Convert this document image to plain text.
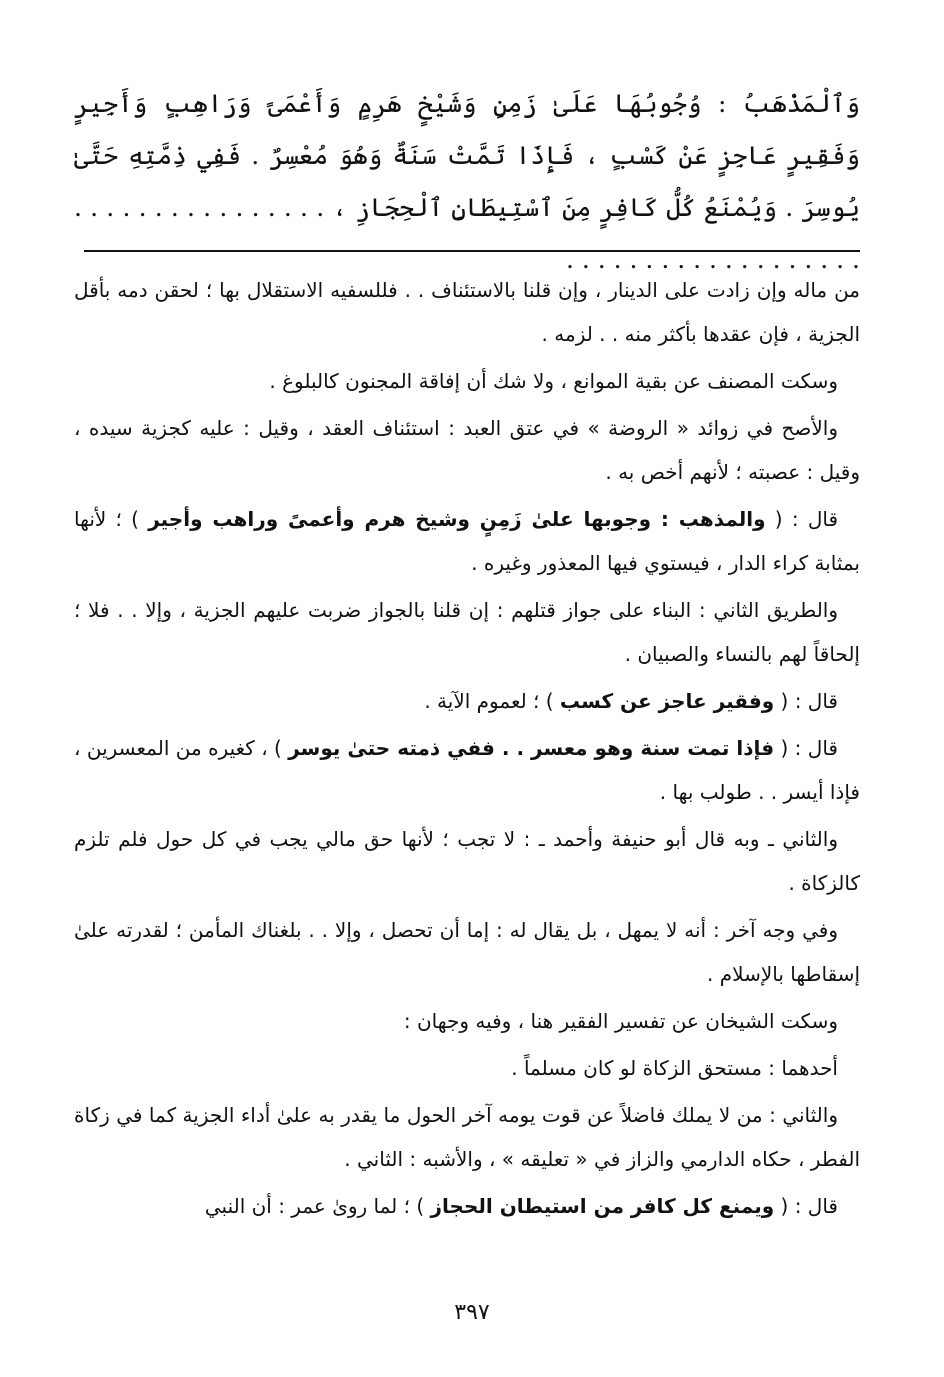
وَٱلْمَذْهَبُ : وُجُوبُهَا عَلَىٰ زَمِنٍ وَشَيْخٍ هَرِمٍ وَأَعْمَىً وَرَاهِبٍ وَأَجِيرٍ وَفَقِيرٍ عَاجِزٍ عَنْ كَسْبٍ ، فَإِذَا تَمَّتْ سَنَةٌ وَهُوَ مُعْسِرٌ . فَفِي ذِمَّتِهِ حَتَّىٰ يُوسِرَ . وَيُمْنَعُ كُلُّ كَافِرٍ مِنَ ٱسْتِيطَانِ ٱلْحِجَازِ ، . . . . . . . . . . . . . . . . . . . . . . . . . . . . . . . . . . .

من ماله وإن زادت على الدينار ، وإن قلنا بالاستئناف . . فللسفيه الاستقلال بها ؛ لحقن دمه بأقل الجزية ، فإن عقدها بأكثر منه . . لزمه .

وسكت المصنف عن بقية الموانع ، ولا شك أن إفاقة المجنون كالبلوغ .

والأصح في زوائد « الروضة » في عتق العبد : استئناف العقد ، وقيل : عليه كجزية سيده ، وقيل : عصبته ؛ لأنهم أخص به .

قال : ( والمذهب : وجوبها علىٰ زَمِنٍ وشيخ هرم وأعمىً وراهب وأجير ) ؛ لأنها بمثابة كراء الدار ، فيستوي فيها المعذور وغيره .

والطريق الثاني : البناء على جواز قتلهم : إن قلنا بالجواز ضربت عليهم الجزية ، وإلا . . فلا ؛ إلحاقاً لهم بالنساء والصبيان .

قال : ( وفقير عاجز عن كسب ) ؛ لعموم الآية .

قال : ( فإذا تمت سنة وهو معسر . . ففي ذمته حتىٰ يوسر ) ، كغيره من المعسرين ، فإذا أيسر . . طولب بها .

والثاني ـ وبه قال أبو حنيفة وأحمد ـ : لا تجب ؛ لأنها حق مالي يجب في كل حول فلم تلزم كالزكاة .

وفي وجه آخر : أنه لا يمهل ، بل يقال له : إما أن تحصل ، وإلا . . بلغناك المأمن ؛ لقدرته علىٰ إسقاطها بالإسلام .

وسكت الشيخان عن تفسير الفقير هنا ، وفيه وجهان :

أحدهما : مستحق الزكاة لو كان مسلماً .

والثاني : من لا يملك فاضلاً عن قوت يومه آخر الحول ما يقدر به علىٰ أداء الجزية كما في زكاة الفطر ، حكاه الدارمي والزاز في « تعليقه » ، والأشبه : الثاني .

قال : ( ويمنع كل كافر من استيطان الحجاز ) ؛ لما روىٰ عمر : أن النبي

٣٩٧
